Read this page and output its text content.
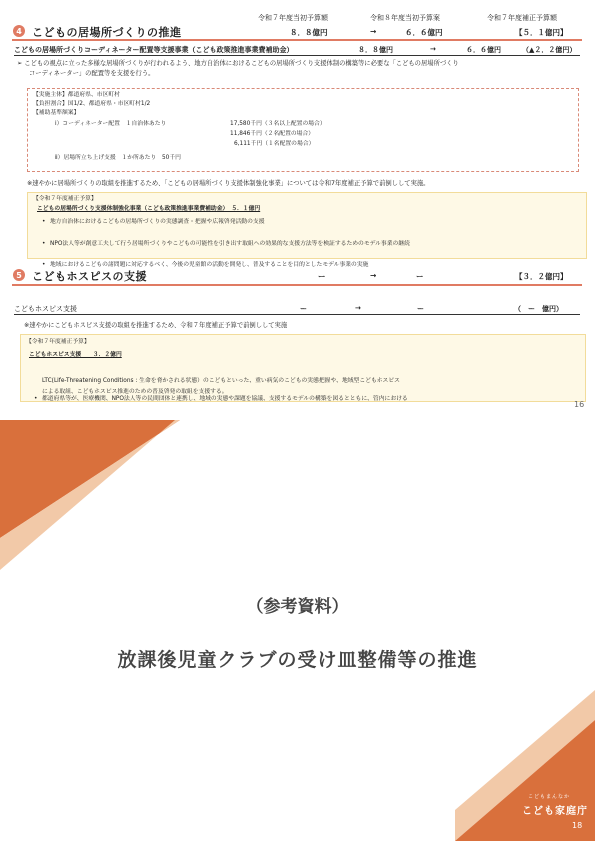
令和７年度当初予算額	令和８年度当初予算案	令和７年度補正予算額
4 こどもの居場所づくりの推進	８．８億円	→	６．６億円	【５．１億円】
こどもの居場所づくりコーディネーター配置等支援事業（こども政策推進事業費補助金）	８．８億円	→	６．６億円	（▲２．２億円）
➢ こどもの視点に立った多様な居場所づくりが行われるよう、地方自治体におけるこどもの居場所づくり支援体制の構築等に必要な「こどもの居場所づくり
コーディネーター」の配置等を支援を行う。
【実施主体】都道府県、市区町村
【負担割合】国1/2、都道府県・市区町村1/2
【補助基準額案】
ⅰ）コーディネーター配置　１自治体あたり	17,580千円（３名以上配置の場合）
11,846千円（２名配置の場合）
6,111千円（１名配置の場合）
ⅱ）居場所立ち上げ支援　１か所あたり　50千円
※速やかに居場所づくりの取組を推進するため、「こどもの居場所づくり支援体制強化事業」については令和7年度補正予算で前倒しして実施。
【令和７年度補正予算】
こどもの居場所づくり支援体制強化事業（こども政策推進事業費補助金）　５．１億円
• 地方自治体におけるこどもの居場所づくりの実態調査・把握や広報啓発活動の支援
• NPO法人等が創意工夫して行う居場所づくりやこどもの可能性を引き出す取組への効果的な支援方法等を検証するためのモデル事業の継続
• 地域におけるこどもの諸問題に対応するべく、今後の児童館の活動を開発し、普及することを目的としたモデル事業の実施
5 こどもホスピスの支援	ー	→	ー	【３．２億円】
こどもホスピス支援	ー	→	ー	（　ー　億円）
※速やかにこどもホスピス支援の取組を推進するため、令和７年度補正予算で前倒しして実施
【令和７年度補正予算】
こどもホスピス支援　　３．２億円
• 都道府県等が、医療機関、NPO法人等の民間団体と連携し、地域の実態や課題を協議、支援するモデルの構築を図るとともに、管内における
LTC(Life-Threatening Conditions : 生命を脅かされる状態）のこどもといった、重い病気のこどもの実態把握や、地域型こどもホスピス
による取組、こどもホスピス推進のための普及啓発の取組を支援する。
16
（参考資料）
放課後児童クラブの受け皿整備等の推進
こどもまんなか
こども家庭庁
18
